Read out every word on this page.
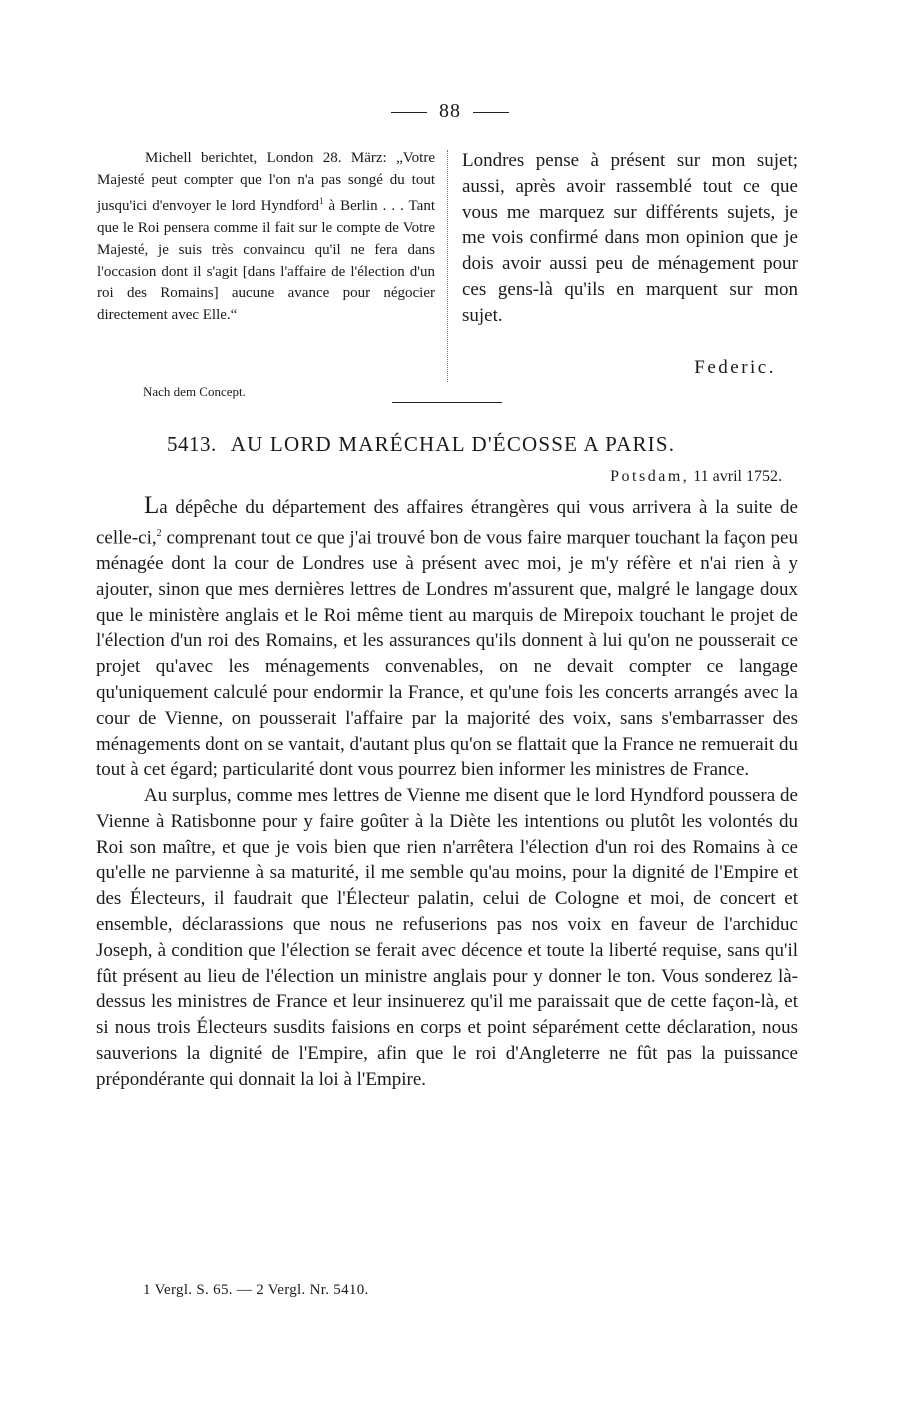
88

Michell berichtet, London 28. März: „Votre Majesté peut compter que l'on n'a pas songé du tout jusqu'ici d'envoyer le lord Hyndford$^1$ à Berlin . . . Tant que le Roi pensera comme il fait sur le compte de Votre Majesté, je suis très convaincu qu'il ne fera dans l'occasion dont il s'agit [dans l'affaire de l'élection d'un roi des Romains] aucune avance pour négocier directement avec Elle.“

Londres pense à présent sur mon sujet; aussi, après avoir rassemblé tout ce que vous me marquez sur différents sujets, je me vois confirmé dans mon opinion que je dois avoir aussi peu de ménagement pour ces gens-là qu'ils en marquent sur mon sujet.

Federic.
Nach dem Concept.
5413. AU LORD MARÉCHAL D'ÉCOSSE A PARIS.
Potsdam, 11 avril 1752.

La dépêche du département des affaires étrangères qui vous arrivera à la suite de celle-ci,$^2$ comprenant tout ce que j'ai trouvé bon de vous faire marquer touchant la façon peu ménagée dont la cour de Londres use à présent avec moi, je m'y réfère et n'ai rien à y ajouter, sinon que mes dernières lettres de Londres m'assurent que, malgré le langage doux que le ministère anglais et le Roi même tient au marquis de Mirepoix touchant le projet de l'élection d'un roi des Romains, et les assurances qu'ils donnent à lui qu'on ne pousserait ce projet qu'avec les ménagements convenables, on ne devait compter ce langage qu'uniquement calculé pour endormir la France, et qu'une fois les concerts arrangés avec la cour de Vienne, on pousserait l'affaire par la majorité des voix, sans s'embarrasser des ménagements dont on se vantait, d'autant plus qu'on se flattait que la France ne remuerait du tout à cet égard; particularité dont vous pourrez bien informer les ministres de France.

Au surplus, comme mes lettres de Vienne me disent que le lord Hyndford poussera de Vienne à Ratisbonne pour y faire goûter à la Diète les intentions ou plutôt les volontés du Roi son maître, et que je vois bien que rien n'arrêtera l'élection d'un roi des Romains à ce qu'elle ne parvienne à sa maturité, il me semble qu'au moins, pour la dignité de l'Empire et des Électeurs, il faudrait que l'Électeur palatin, celui de Cologne et moi, de concert et ensemble, déclarassions que nous ne refuserions pas nos voix en faveur de l'archiduc Joseph, à condition que l'élection se ferait avec décence et toute la liberté requise, sans qu'il fût présent au lieu de l'élection un ministre anglais pour y donner le ton. Vous sonderez là-dessus les ministres de France et leur insinuerez qu'il me paraissait que de cette façon-là, et si nous trois Électeurs susdits faisions en corps et point séparément cette déclaration, nous sauverions la dignité de l'Empire, afin que le roi d'Angleterre ne fût pas la puissance prépondérante qui donnait la loi à l'Empire.

1 Vergl. S. 65. — 2 Vergl. Nr. 5410.
